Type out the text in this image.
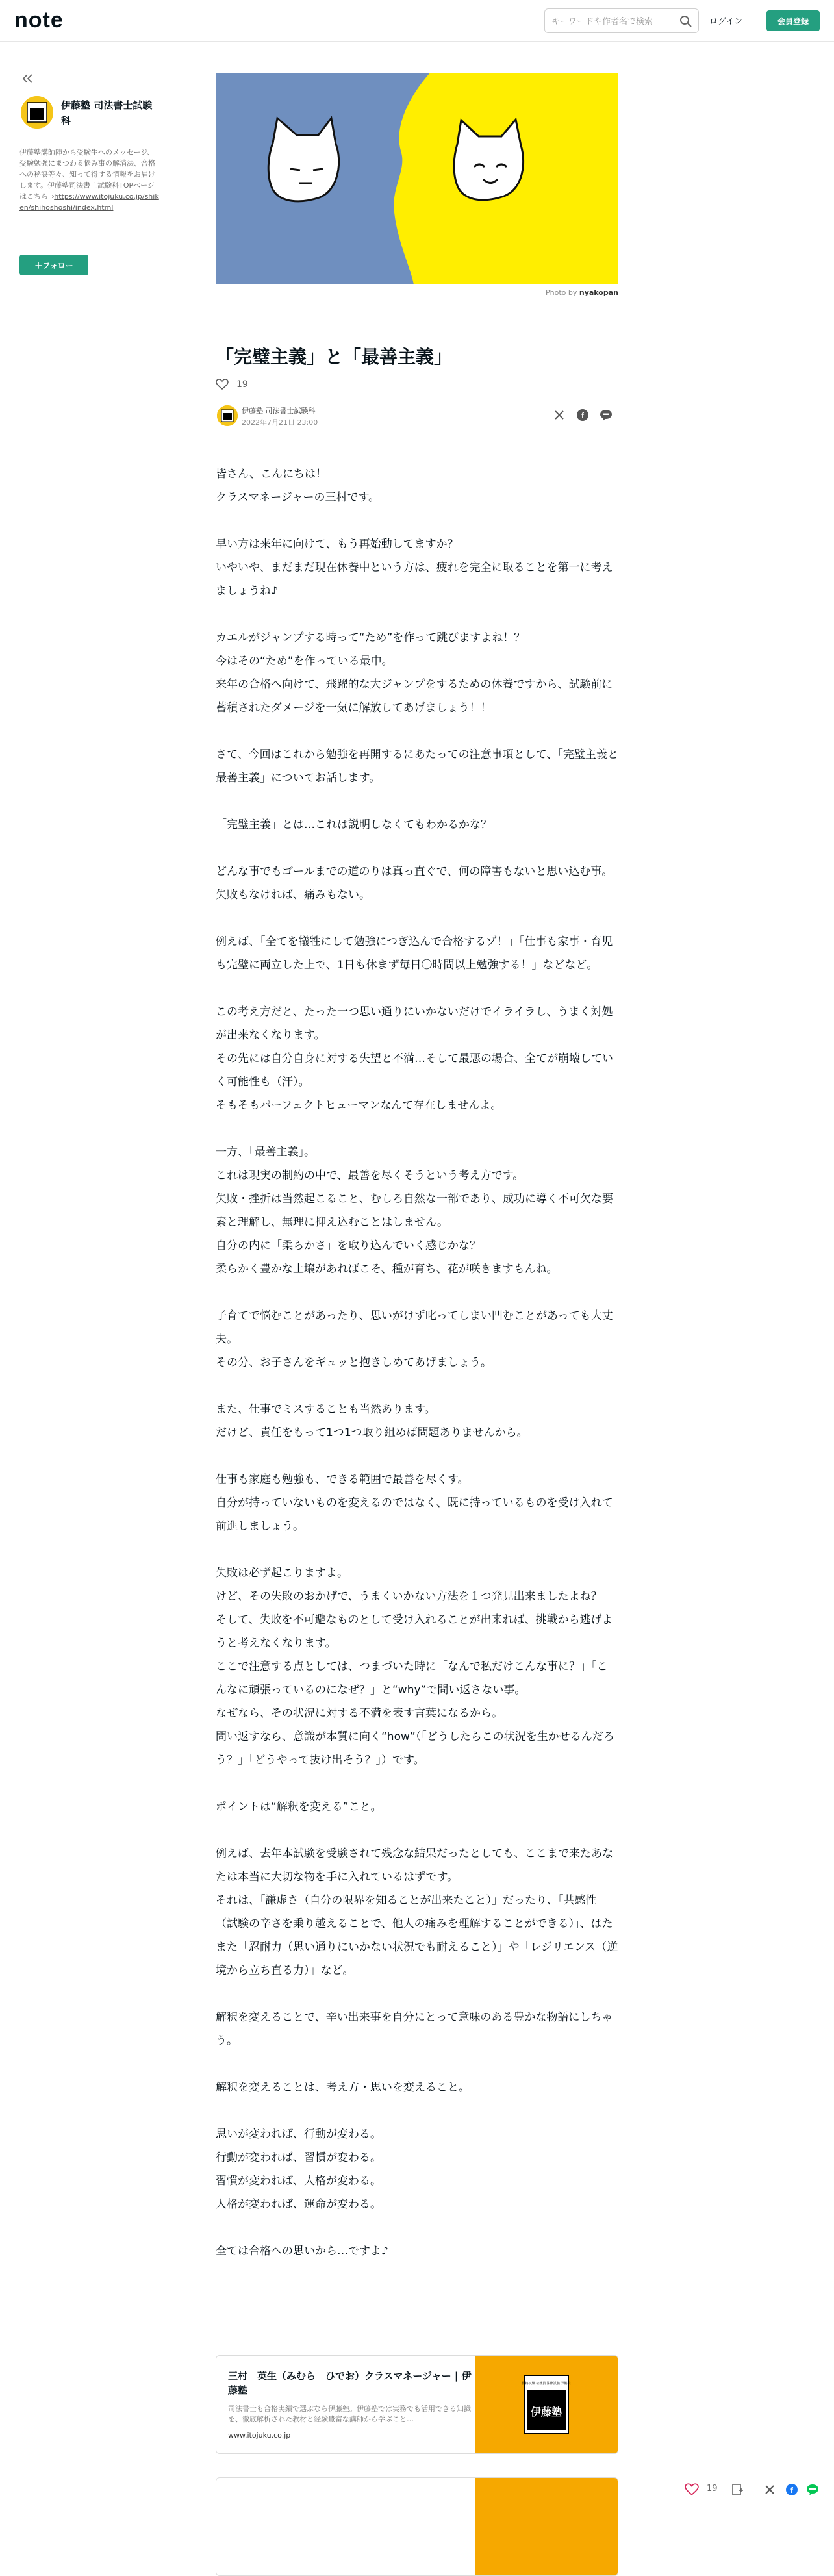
note
キーワードや作者名で検索	ログイン	会員登録
伊藤塾 司法書士試験科
伊藤塾講師陣から受験生へのメッセージ、受験勉強にまつわる悩み事の解消法、合格への秘訣等々、知って得する情報をお届けします。伊藤塾司法書士試験科TOPページはこちら⇒https://www.itojuku.co.jp/shiken/shihoshoshi/index.html
＋フォロー
Photo by nyakopan
「完璧主義」と「最善主義」
19
伊藤塾 司法書士試験科
2022年7月21日 23:00
f

皆さん、こんにちは！
クラスマネージャーの三村です。

早い方は来年に向けて、もう再始動してますか？
いやいや、まだまだ現在休養中という方は、疲れを完全に取ることを第一に考えましょうね♪

カエルがジャンプする時って“ため”を作って跳びますよね！？
今はその“ため”を作っている最中。
来年の合格へ向けて、飛躍的な大ジャンプをするための休養ですから、試験前に蓄積されたダメージを一気に解放してあげましょう！！

さて、今回はこれから勉強を再開するにあたっての注意事項として、「完璧主義と最善主義」についてお話します。

「完璧主義」とは…これは説明しなくてもわかるかな？

どんな事でもゴールまでの道のりは真っ直ぐで、何の障害もないと思い込む事。
失敗もなければ、痛みもない。

例えば、「全てを犠牲にして勉強につぎ込んで合格するゾ！」「仕事も家事・育児も完璧に両立した上で、1日も休まず毎日〇時間以上勉強する！」などなど。

この考え方だと、たった一つ思い通りにいかないだけでイライラし、うまく対処が出来なくなります。
その先には自分自身に対する失望と不満…そして最悪の場合、全てが崩壊していく可能性も（汗）。
そもそもパーフェクトヒューマンなんて存在しませんよ。

一方、「最善主義」。
これは現実の制約の中で、最善を尽くそうという考え方です。
失敗・挫折は当然起こること、むしろ自然な一部であり、成功に導く不可欠な要素と理解し、無理に抑え込むことはしません。
自分の内に「柔らかさ」を取り込んでいく感じかな？
柔らかく豊かな土壌があればこそ、種が育ち、花が咲きますもんね。

子育てで悩むことがあったり、思いがけず叱ってしまい凹むことがあっても大丈夫。
その分、お子さんをギュッと抱きしめてあげましょう。

また、仕事でミスすることも当然あります。
だけど、責任をもって1つ1つ取り組めば問題ありませんから。

仕事も家庭も勉強も、できる範囲で最善を尽くす。
自分が持っていないものを変えるのではなく、既に持っているものを受け入れて前進しましょう。

失敗は必ず起こりますよ。
けど、その失敗のおかげで、うまくいかない方法を１つ発見出来ましたよね？
そして、失敗を不可避なものとして受け入れることが出来れば、挑戦から逃げようと考えなくなります。
ここで注意する点としては、つまづいた時に「なんで私だけこんな事に？」「こんなに頑張っているのになぜ？」と“why”で問い返さない事。
なぜなら、その状況に対する不満を表す言葉になるから。
問い返すなら、意識が本質に向く“how”（「どうしたらこの状況を生かせるんだろう？」「どうやって抜け出そう？」）です。

ポイントは“解釈を変える”こと。

例えば、去年本試験を受験されて残念な結果だったとしても、ここまで来たあなたは本当に大切な物を手に入れているはずです。
それは、「謙虚さ（自分の限界を知ることが出来たこと）」だったり、「共感性（試験の辛さを乗り越えることで、他人の痛みを理解することができる）」、はたまた「忍耐力（思い通りにいかない状況でも耐えること）」や「レジリエンス（逆境から立ち直る力）」など。

解釈を変えることで、辛い出来事を自分にとって意味のある豊かな物語にしちゃう。

解釈を変えることは、考え方・思いを変えること。

思いが変われば、行動が変わる。
行動が変われば、習慣が変わる。
習慣が変われば、人格が変わる。
人格が変われば、運命が変わる。

全ては合格への思いから…ですよ♪

三村　英生（みむら　ひでお）クラスマネージャー | 伊藤塾
司法書士も合格実績で選ぶなら伊藤塾。伊藤塾では実務でも活用できる知識を、徹底解析された教材と経験豊富な講師から学ぶこと…
www.itojuku.co.jp
資格試験 公務員 法律試験 予備校
伊藤塾
19	f
